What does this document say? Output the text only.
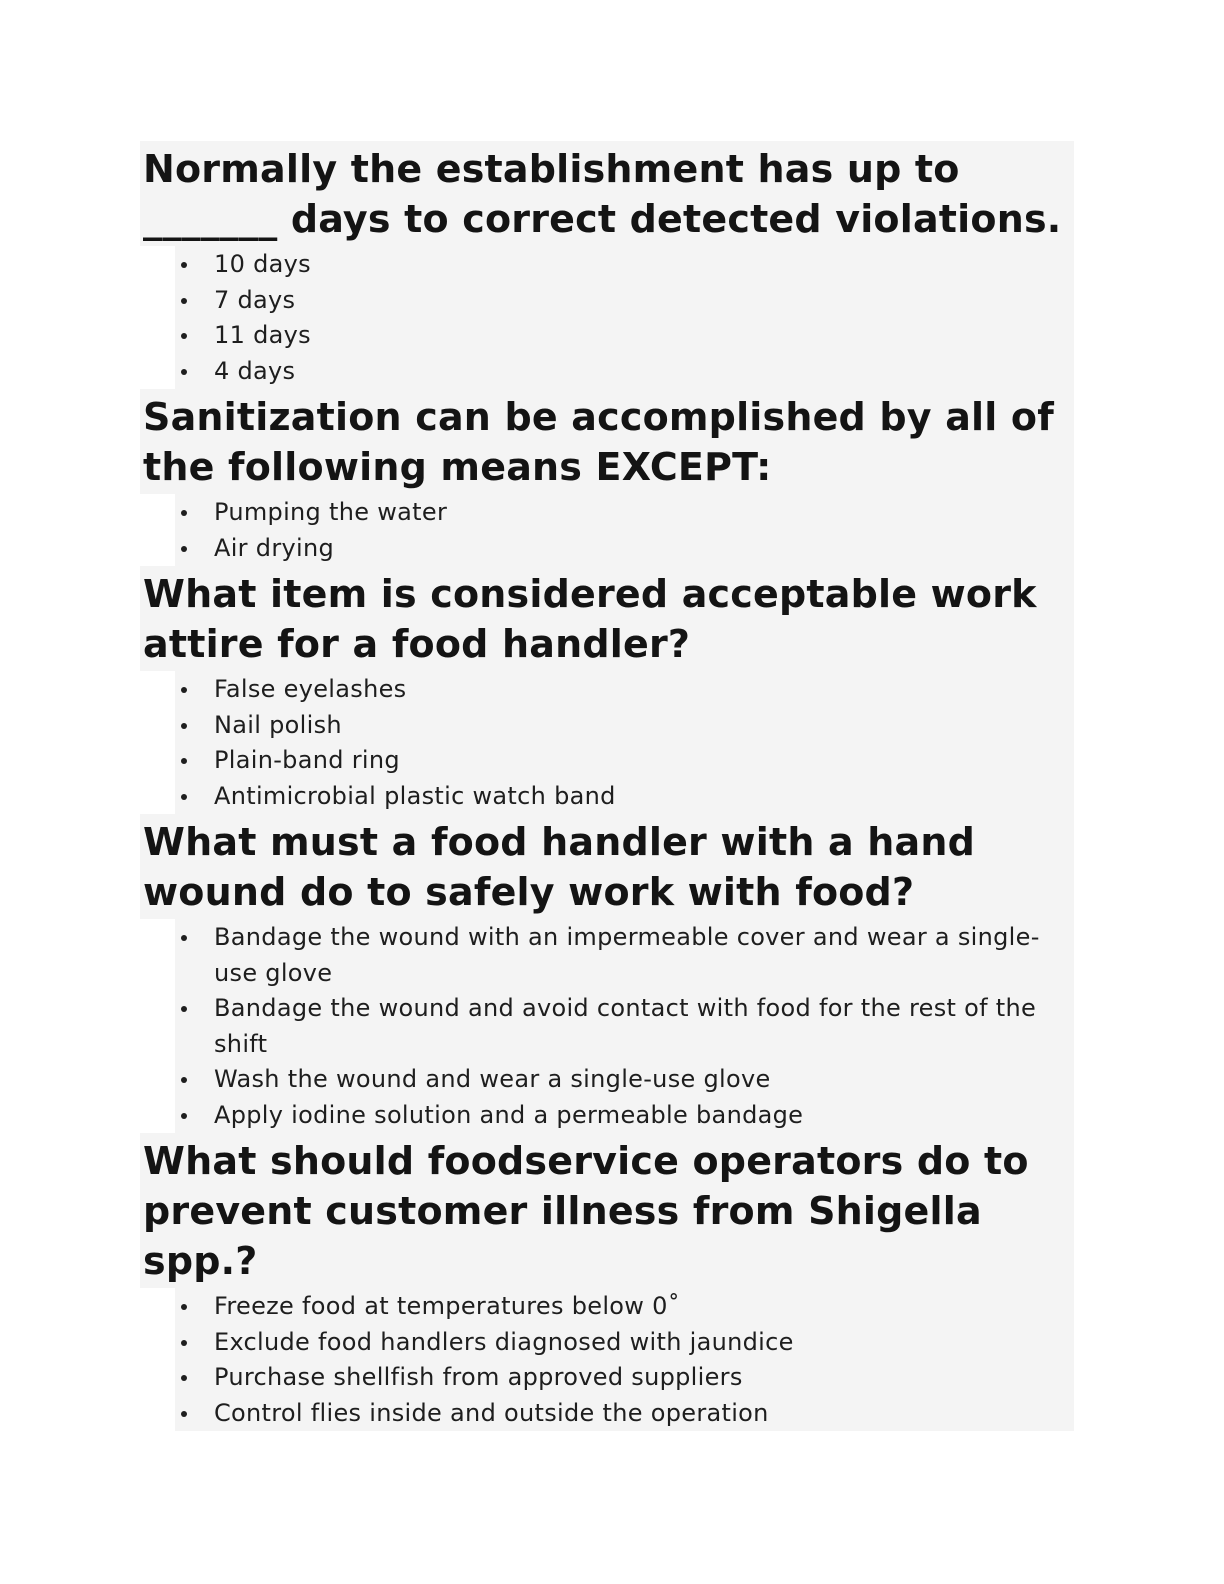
Normally the establishment has up to _______ days to correct detected violations.
10 days
7 days
11 days
4 days
Sanitization can be accomplished by all of the following means EXCEPT:
Pumping the water
Air drying
What item is considered acceptable work attire for a food handler?
False eyelashes
Nail polish
Plain-band ring
Antimicrobial plastic watch band
What must a food handler with a hand wound do to safely work with food?
Bandage the wound with an impermeable cover and wear a single-use glove
Bandage the wound and avoid contact with food for the rest of the shift
Wash the wound and wear a single-use glove
Apply iodine solution and a permeable bandage
What should foodservice operators do to prevent customer illness from Shigella spp.?
Freeze food at temperatures below 0˚
Exclude food handlers diagnosed with jaundice
Purchase shellfish from approved suppliers
Control flies inside and outside the operation
